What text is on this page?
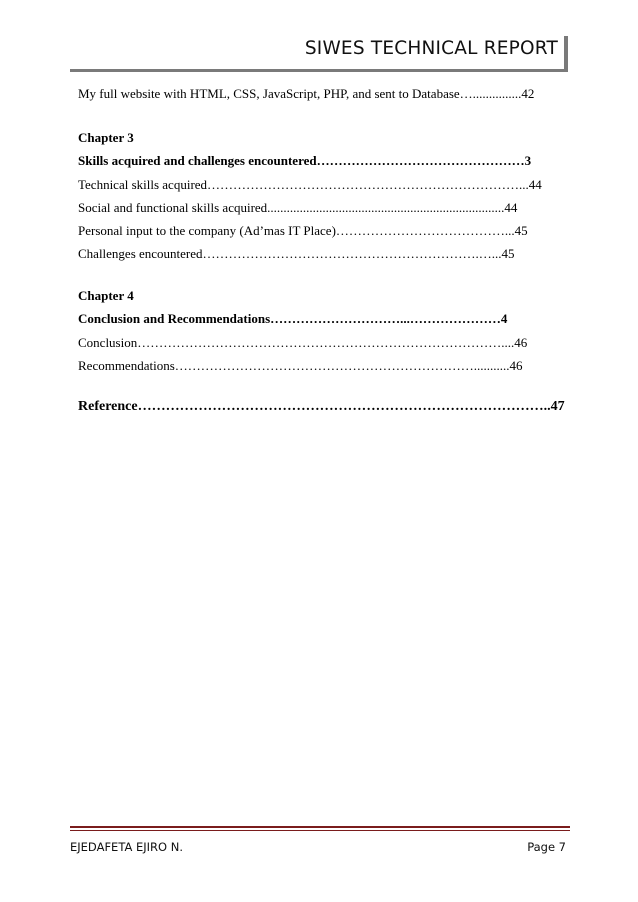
SIWES TECHNICAL REPORT
My full website with HTML, CSS, JavaScript, PHP, and sent to Database…...............42
Chapter 3
Skills acquired and challenges encountered…………………………………………3
Technical skills acquired………………………………………………………………...44
Social and functional skills acquired.........................................................................44
Personal input to the company (Ad’mas IT Place)…………………………………...45
Challenges encountered……………………………………………………….…...45
Chapter 4
Conclusion and Recommendations…………………………...…………………4
Conclusion…………………………………………………………………………....46
Recommendations……………………………………………………………...........46
Reference……………………………………………………………………………..47
EJEDAFETA EJIRO N.	Page 7
